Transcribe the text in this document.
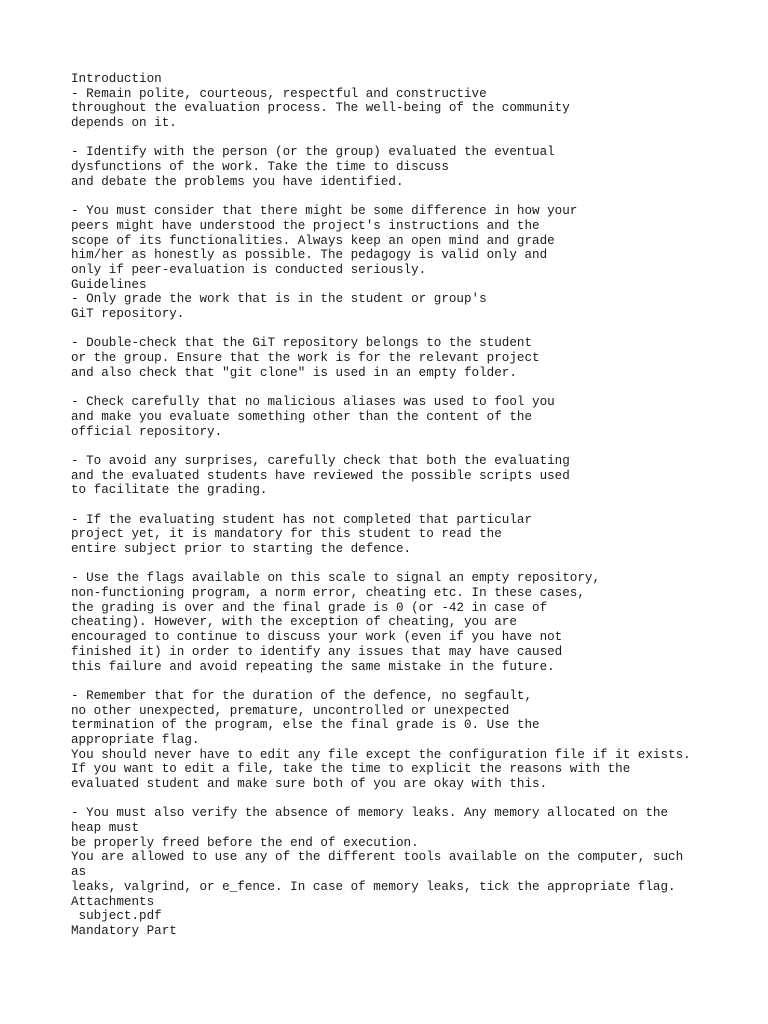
Introduction
- Remain polite, courteous, respectful and constructive
throughout the evaluation process. The well-being of the community
depends on it.
- Identify with the person (or the group) evaluated the eventual
dysfunctions of the work. Take the time to discuss
and debate the problems you have identified.
- You must consider that there might be some difference in how your
peers might have understood the project's instructions and the
scope of its functionalities. Always keep an open mind and grade
him/her as honestly as possible. The pedagogy is valid only and
only if peer-evaluation is conducted seriously.
Guidelines
- Only grade the work that is in the student or group's
GiT repository.
- Double-check that the GiT repository belongs to the student
or the group. Ensure that the work is for the relevant project
and also check that "git clone" is used in an empty folder.
- Check carefully that no malicious aliases was used to fool you
and make you evaluate something other than the content of the
official repository.
- To avoid any surprises, carefully check that both the evaluating
and the evaluated students have reviewed the possible scripts used
to facilitate the grading.
- If the evaluating student has not completed that particular
project yet, it is mandatory for this student to read the
entire subject prior to starting the defence.
- Use the flags available on this scale to signal an empty repository,
non-functioning program, a norm error, cheating etc. In these cases,
the grading is over and the final grade is 0 (or -42 in case of
cheating). However, with the exception of cheating, you are
encouraged to continue to discuss your work (even if you have not
finished it) in order to identify any issues that may have caused
this failure and avoid repeating the same mistake in the future.
- Remember that for the duration of the defence, no segfault,
no other unexpected, premature, uncontrolled or unexpected
termination of the program, else the final grade is 0. Use the
appropriate flag.
You should never have to edit any file except the configuration file if it exists.
If you want to edit a file, take the time to explicit the reasons with the
evaluated student and make sure both of you are okay with this.
- You must also verify the absence of memory leaks. Any memory allocated on the
heap must
be properly freed before the end of execution.
You are allowed to use any of the different tools available on the computer, such
as
leaks, valgrind, or e_fence. In case of memory leaks, tick the appropriate flag.
Attachments
subject.pdf
Mandatory Part
